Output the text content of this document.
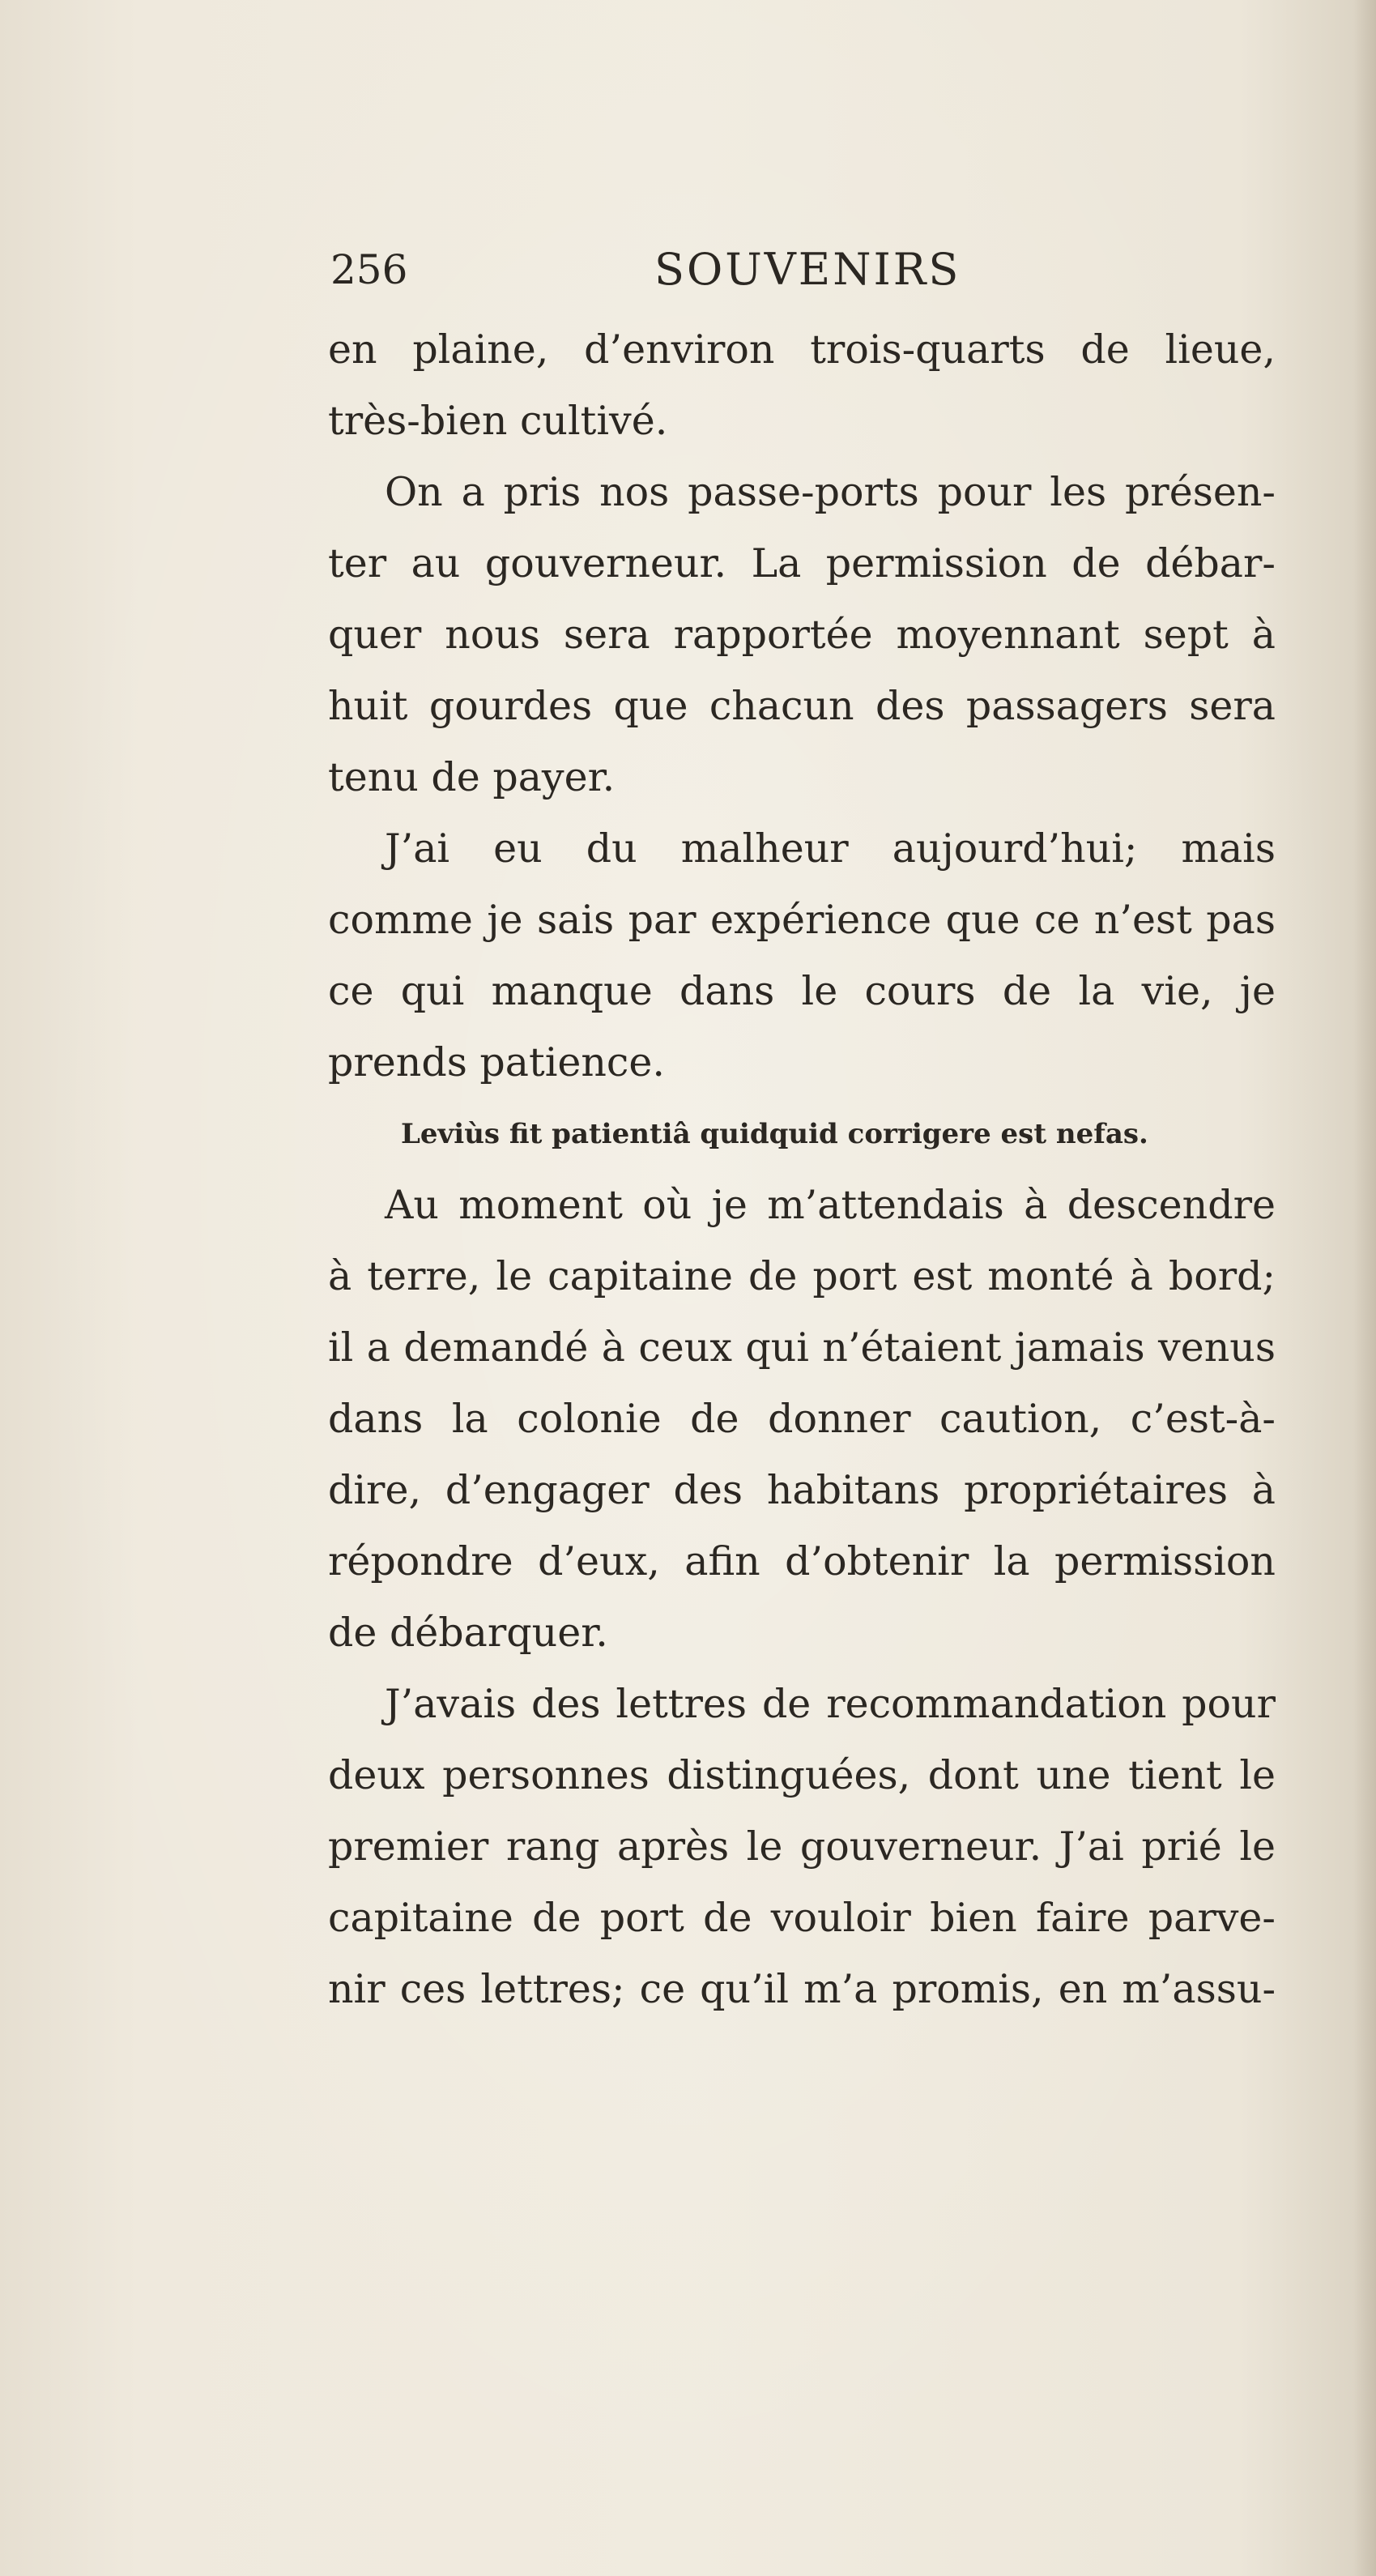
256	SOUVENIRS
en plaine, d’environ trois-quarts de lieue,
très-bien cultivé.
On a pris nos passe-ports pour les présen-
ter au gouverneur. La permission de débar-
quer nous sera rapportée moyennant sept à
huit gourdes que chacun des passagers sera
tenu de payer.
J’ai eu du malheur aujourd’hui; mais
comme je sais par expérience que ce n’est pas
ce qui manque dans le cours de la vie, je
prends patience.
Leviùs fit patientiâ quidquid corrigere est nefas.
Au moment où je m’attendais à descendre
à terre, le capitaine de port est monté à bord;
il a demandé à ceux qui n’étaient jamais venus
dans la colonie de donner caution, c’est-à-
dire, d’engager des habitans propriétaires à
répondre d’eux, afin d’obtenir la permission
de débarquer.
J’avais des lettres de recommandation pour
deux personnes distinguées, dont une tient le
premier rang après le gouverneur. J’ai prié le
capitaine de port de vouloir bien faire parve-
nir ces lettres; ce qu’il m’a promis, en m’assu-
